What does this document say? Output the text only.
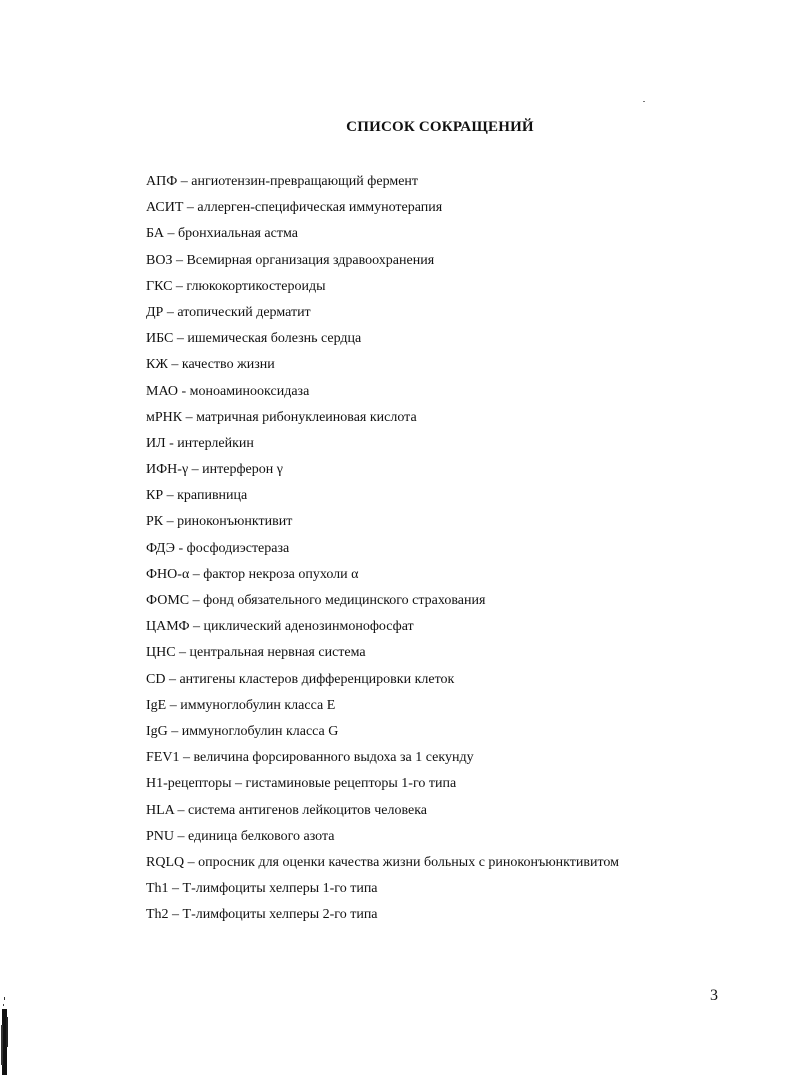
СПИСОК СОКРАЩЕНИЙ
АПФ – ангиотензин-превращающий фермент
АСИТ – аллерген-специфическая иммунотерапия
БА – бронхиальная астма
ВОЗ – Всемирная организация здравоохранения
ГКС – глюкокортикостероиды
ДР – атопический дерматит
ИБС – ишемическая болезнь сердца
КЖ – качество жизни
МАО - моноаминооксидаза
мРНК – матричная рибонуклеиновая кислота
ИЛ - интерлейкин
ИФН-γ – интерферон γ
КР – крапивница
РК – риноконъюнктивит
ФДЭ - фосфодиэстераза
ФНО-α – фактор некроза опухоли α
ФОМС – фонд обязательного медицинского страхования
ЦАМФ – циклический аденозинмонофосфат
ЦНС – центральная нервная система
CD – антигены кластеров дифференцировки клеток
IgE – иммуноглобулин класса E
IgG – иммуноглобулин класса G
FEV1 – величина форсированного выдоха за 1 секунду
H1-рецепторы – гистаминовые рецепторы 1-го типа
HLA – система антигенов лейкоцитов человека
PNU – единица белкового азота
RQLQ – опросник для оценки качества жизни больных с риноконъюнктивитом
Th1 – Т-лимфоциты хелперы 1-го типа
Th2 – Т-лимфоциты хелперы 2-го типа
3
